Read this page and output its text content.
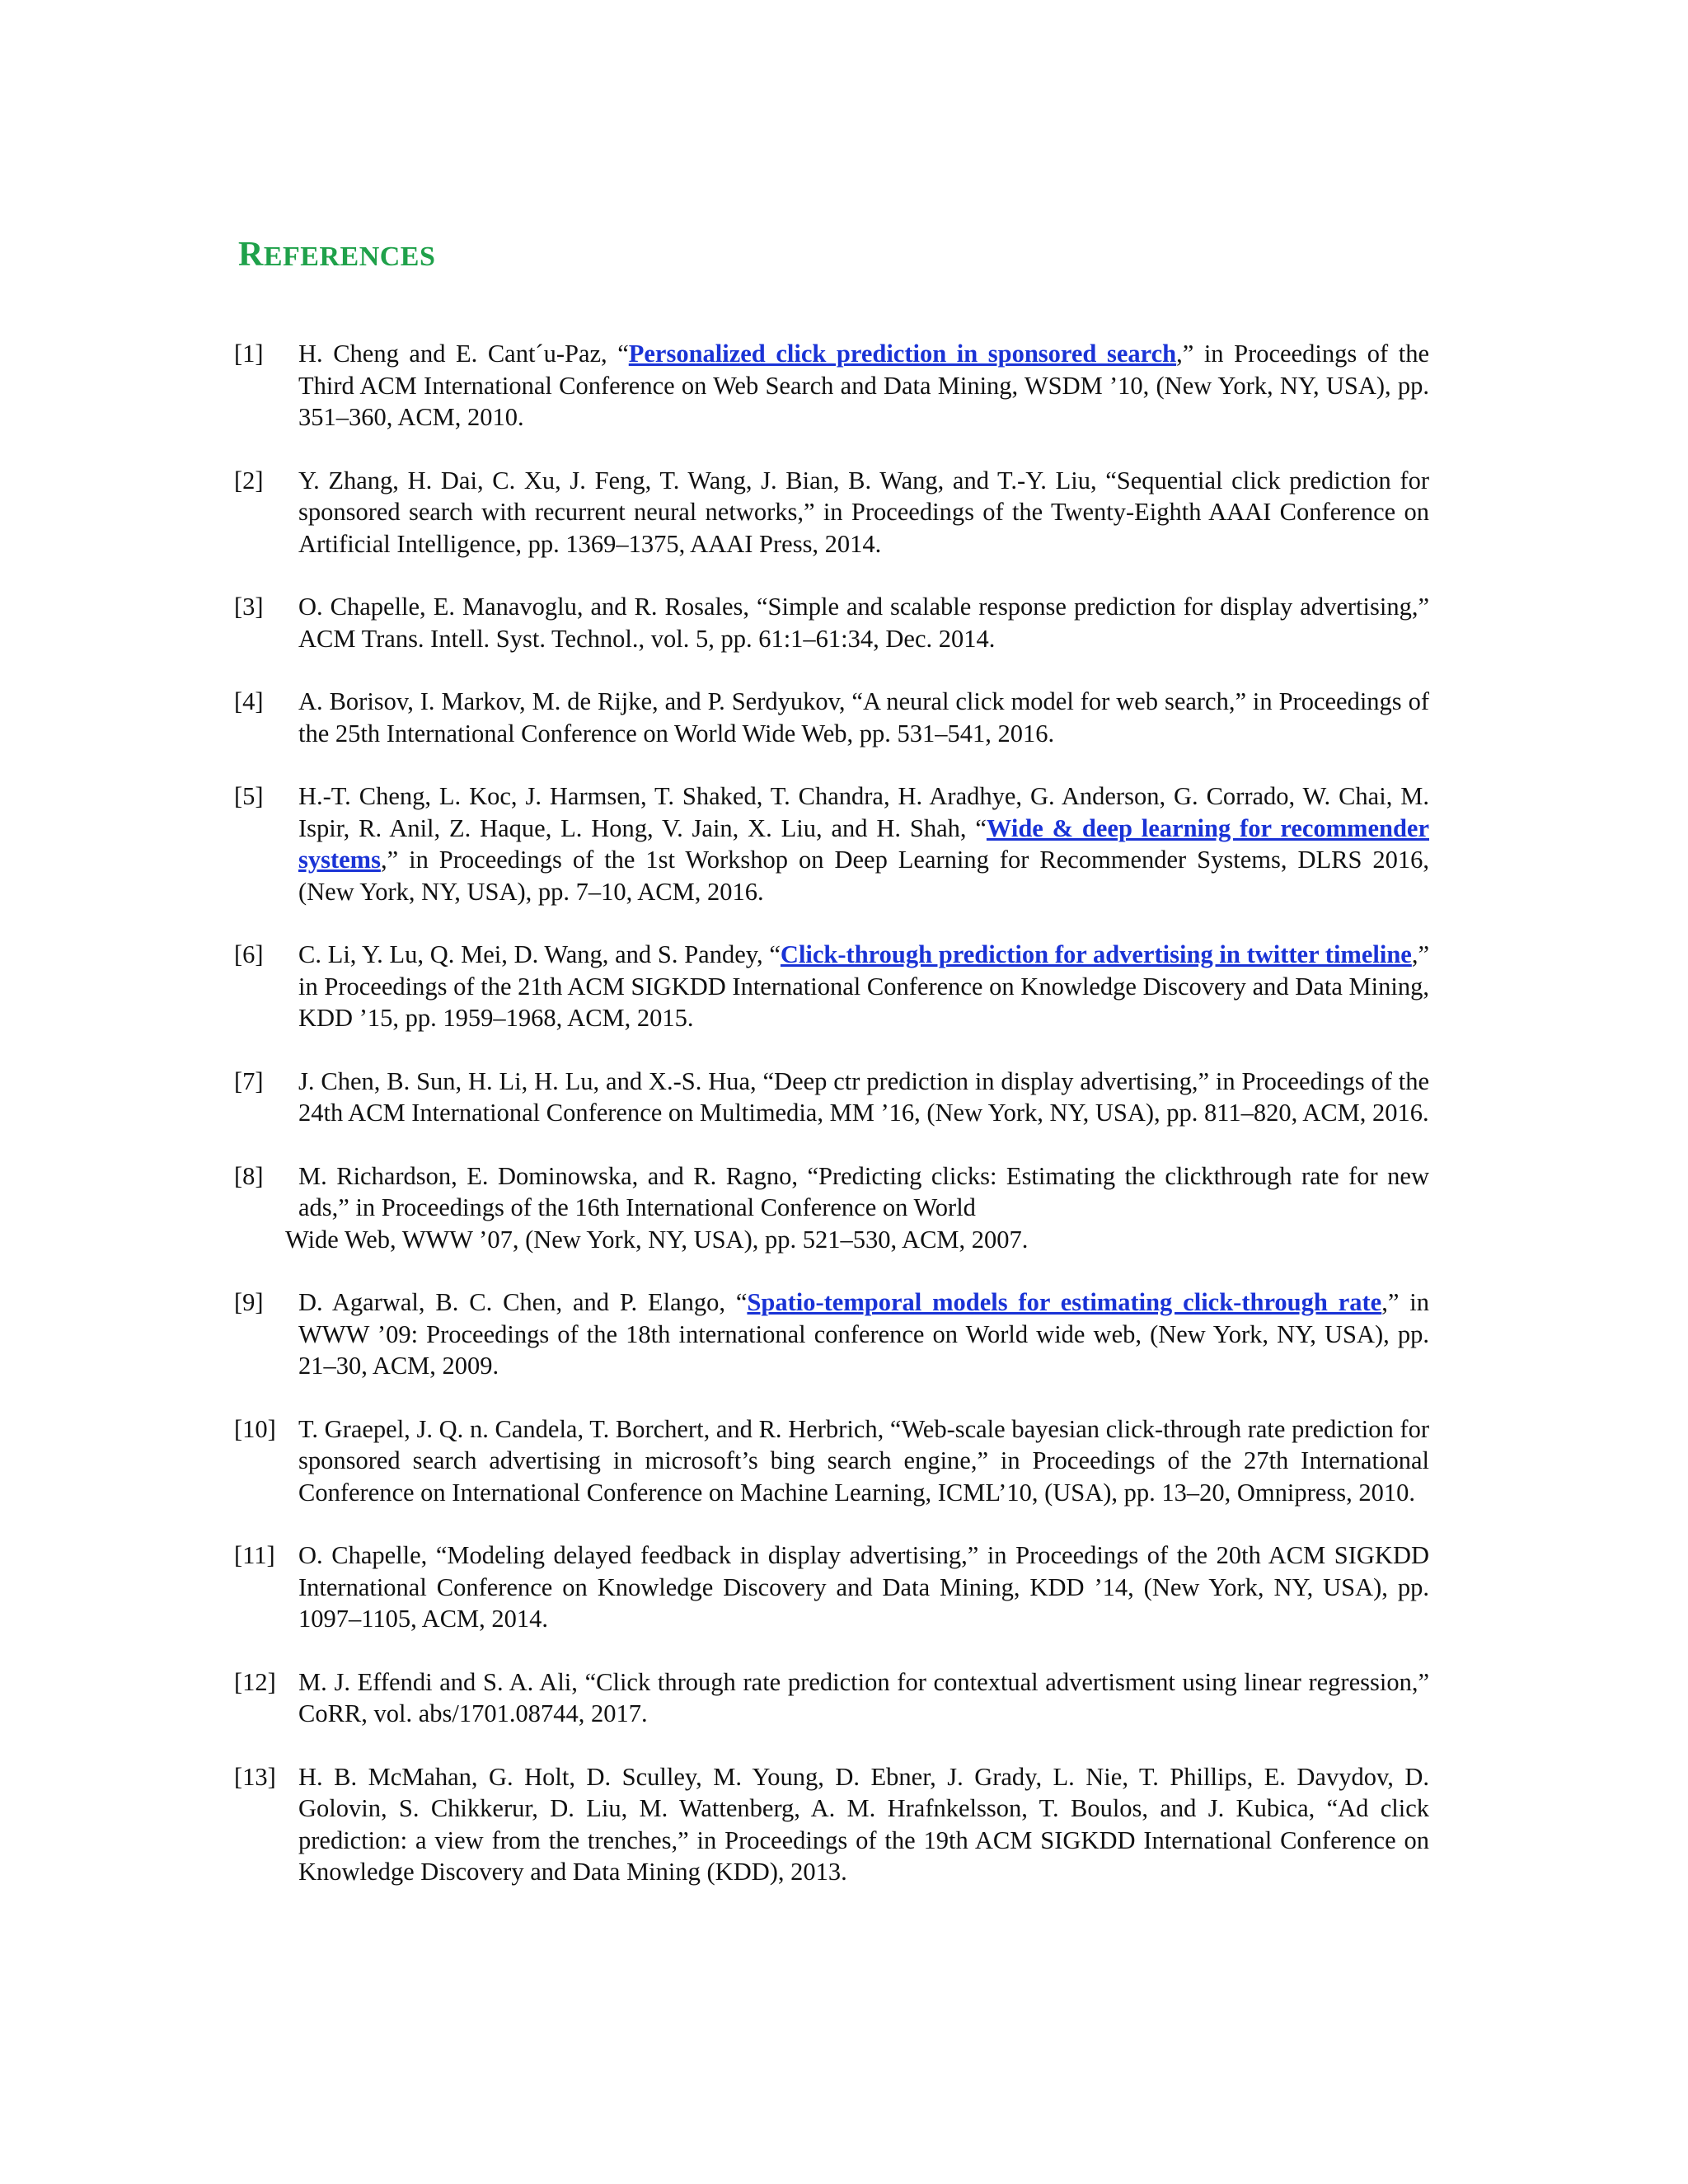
REFERENCES
[1] H. Cheng and E. Cant´u-Paz, “Personalized click prediction in sponsored search,” in Proceedings of the Third ACM International Conference on Web Search and Data Mining, WSDM ’10, (New York, NY, USA), pp. 351–360, ACM, 2010.
[2] Y. Zhang, H. Dai, C. Xu, J. Feng, T. Wang, J. Bian, B. Wang, and T.-Y. Liu, “Sequential click prediction for sponsored search with recurrent neural networks,” in Proceedings of the Twenty-Eighth AAAI Conference on Artificial Intelligence, pp. 1369–1375, AAAI Press, 2014.
[3] O. Chapelle, E. Manavoglu, and R. Rosales, “Simple and scalable response prediction for display advertising,” ACM Trans. Intell. Syst. Technol., vol. 5, pp. 61:1–61:34, Dec. 2014.
[4] A. Borisov, I. Markov, M. de Rijke, and P. Serdyukov, “A neural click model for web search,” in Proceedings of the 25th International Conference on World Wide Web, pp. 531–541, 2016.
[5] H.-T. Cheng, L. Koc, J. Harmsen, T. Shaked, T. Chandra, H. Aradhye, G. Anderson, G. Corrado, W. Chai, M. Ispir, R. Anil, Z. Haque, L. Hong, V. Jain, X. Liu, and H. Shah, “Wide & deep learning for recommender systems,” in Proceedings of the 1st Workshop on Deep Learning for Recommender Systems, DLRS 2016, (New York, NY, USA), pp. 7–10, ACM, 2016.
[6] C. Li, Y. Lu, Q. Mei, D. Wang, and S. Pandey, “Click-through prediction for advertising in twitter timeline,” in Proceedings of the 21th ACM SIGKDD International Conference on Knowledge Discovery and Data Mining, KDD ’15, pp. 1959–1968, ACM, 2015.
[7] J. Chen, B. Sun, H. Li, H. Lu, and X.-S. Hua, “Deep ctr prediction in display advertising,” in Proceedings of the 24th ACM International Conference on Multimedia, MM ’16, (New York, NY, USA), pp. 811–820, ACM, 2016.
[8] M. Richardson, E. Dominowska, and R. Ragno, “Predicting clicks: Estimating the clickthrough rate for new ads,” in Proceedings of the 16th International Conference on World
Wide Web, WWW ’07, (New York, NY, USA), pp. 521–530, ACM, 2007.
[9] D. Agarwal, B. C. Chen, and P. Elango, “Spatio-temporal models for estimating click-through rate,” in WWW ’09: Proceedings of the 18th international conference on World wide web, (New York, NY, USA), pp. 21–30, ACM, 2009.
[10] T. Graepel, J. Q. n. Candela, T. Borchert, and R. Herbrich, “Web-scale bayesian click-through rate prediction for sponsored search advertising in microsoft’s bing search engine,” in Proceedings of the 27th International Conference on International Conference on Machine Learning, ICML’10, (USA), pp. 13–20, Omnipress, 2010.
[11] O. Chapelle, “Modeling delayed feedback in display advertising,” in Proceedings of the 20th ACM SIGKDD International Conference on Knowledge Discovery and Data Mining, KDD ’14, (New York, NY, USA), pp. 1097–1105, ACM, 2014.
[12] M. J. Effendi and S. A. Ali, “Click through rate prediction for contextual advertisment using linear regression,” CoRR, vol. abs/1701.08744, 2017.
[13] H. B. McMahan, G. Holt, D. Sculley, M. Young, D. Ebner, J. Grady, L. Nie, T. Phillips, E. Davydov, D. Golovin, S. Chikkerur, D. Liu, M. Wattenberg, A. M. Hrafnkelsson, T. Boulos, and J. Kubica, “Ad click prediction: a view from the trenches,” in Proceedings of the 19th ACM SIGKDD International Conference on Knowledge Discovery and Data Mining (KDD), 2013.
